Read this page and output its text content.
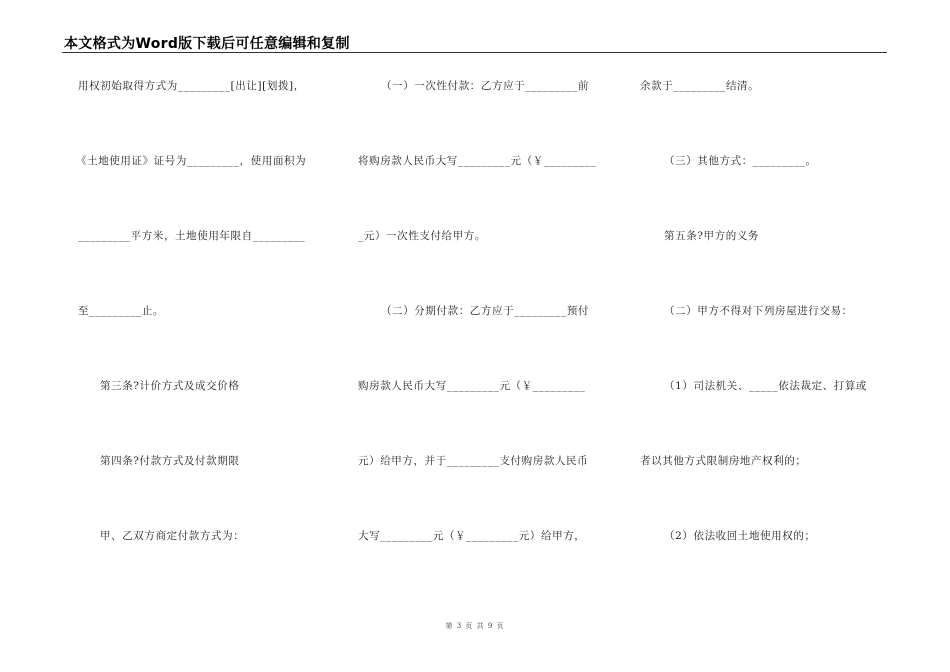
本文格式为Word版下载后可任意编辑和复制
用权初始取得方式为_________[出让][划拨]，
《土地使用证》证号为_________，使用面积为
_________平方米，土地使用年限自_________
至_________止。
第三条?计价方式及成交价格
第四条?付款方式及付款期限
甲、乙双方商定付款方式为：
（一）一次性付款：乙方应于_________前
将购房款人民币大写_________元（￥_________
_元）一次性支付给甲方。
（二）分期付款：乙方应于_________预付
购房款人民币大写_________元（￥_________
元）给甲方，并于_________支付购房款人民币
大写_________元（￥_________元）给甲方，
余款于_________结清。
（三）其他方式：_________。
第五条?甲方的义务
（二）甲方不得对下列房屋进行交易：
（1）司法机关、_____依法裁定、打算或
者以其他方式限制房地产权利的；
（2）依法收回土地使用权的；
第 3 页 共 9 页
